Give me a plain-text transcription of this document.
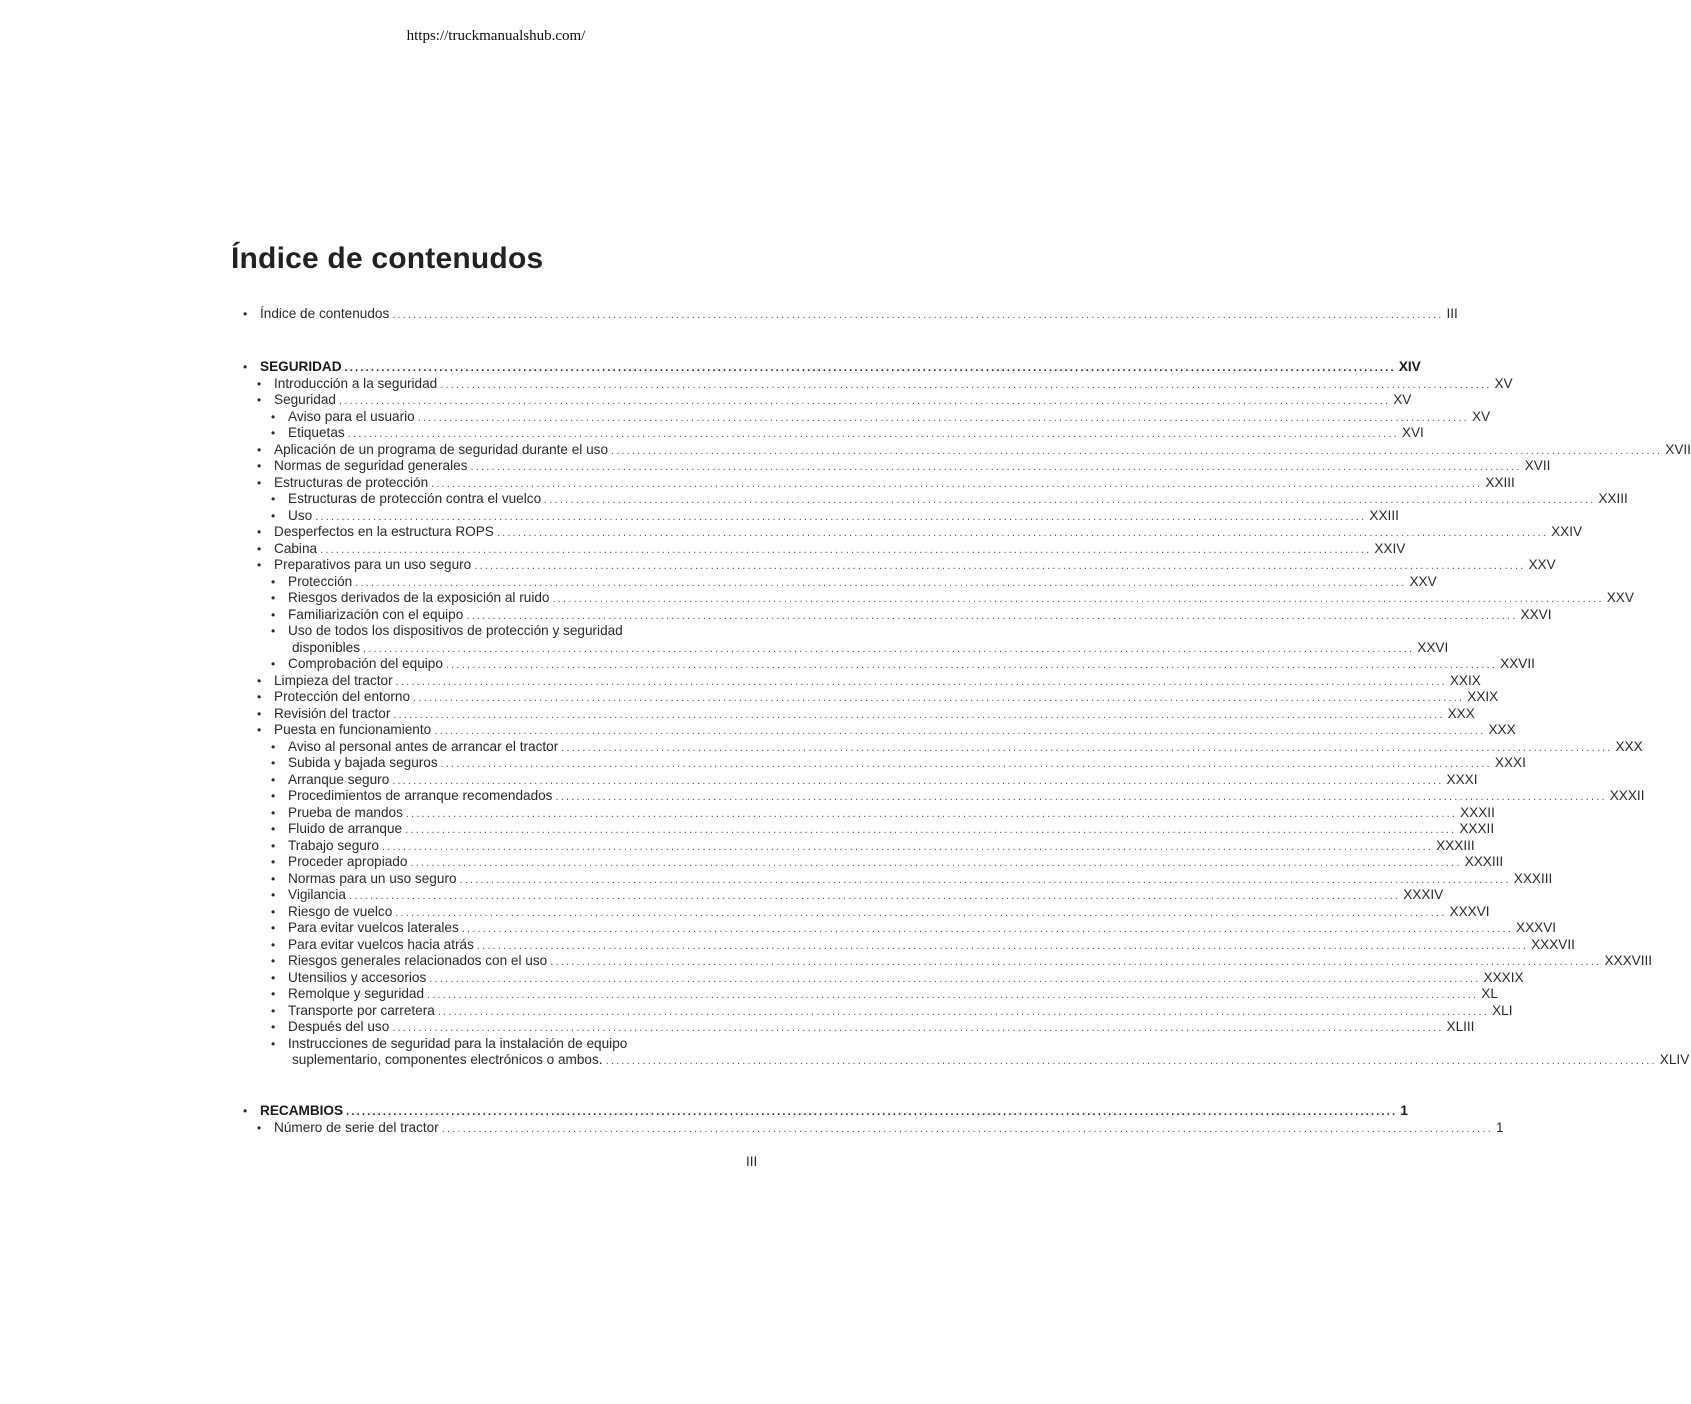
https://truckmanualshub.com/
Índice de contenudos
• Índice de contenudos ........................................................................................................................................................................................................ III
• SEGURIDAD ........................................................................................................................................................................................................ XIV
• Introducción a la seguridad ........................................................................................................................................................................................................ XV
• Seguridad ........................................................................................................................................................................................................ XV
• Aviso para el usuario ........................................................................................................................................................................................................ XV
• Etiquetas ........................................................................................................................................................................................................ XVI
• Aplicación de un programa de seguridad durante el uso ........................................................................................................................................................................................................ XVII
• Normas de seguridad generales ........................................................................................................................................................................................................ XVII
• Estructuras de protección ........................................................................................................................................................................................................ XXIII
• Estructuras de protección contra el vuelco ........................................................................................................................................................................................................ XXIII
• Uso ........................................................................................................................................................................................................ XXIII
• Desperfectos en la estructura ROPS ........................................................................................................................................................................................................ XXIV
• Cabina ........................................................................................................................................................................................................ XXIV
• Preparativos para un uso seguro ........................................................................................................................................................................................................ XXV
• Protección ........................................................................................................................................................................................................ XXV
• Riesgos derivados de la exposición al ruido ........................................................................................................................................................................................................ XXV
• Familiarización con el equipo ........................................................................................................................................................................................................ XXVI
• Uso de todos los dispositivos de protección y seguridad
disponibles ........................................................................................................................................................................................................ XXVI
• Comprobación del equipo ........................................................................................................................................................................................................ XXVII
• Limpieza del tractor ........................................................................................................................................................................................................ XXIX
• Protección del entorno ........................................................................................................................................................................................................ XXIX
• Revisión del tractor ........................................................................................................................................................................................................ XXX
• Puesta en funcionamiento ........................................................................................................................................................................................................ XXX
• Aviso al personal antes de arrancar el tractor ........................................................................................................................................................................................................ XXX
• Subida y bajada seguros ........................................................................................................................................................................................................ XXXI
• Arranque seguro ........................................................................................................................................................................................................ XXXI
• Procedimientos de arranque recomendados ........................................................................................................................................................................................................ XXXII
• Prueba de mandos ........................................................................................................................................................................................................ XXXII
• Fluido de arranque ........................................................................................................................................................................................................ XXXII
• Trabajo seguro ........................................................................................................................................................................................................ XXXIII
• Proceder apropiado ........................................................................................................................................................................................................ XXXIII
• Normas para un uso seguro ........................................................................................................................................................................................................ XXXIII
• Vigilancia ........................................................................................................................................................................................................ XXXIV
• Riesgo de vuelco ........................................................................................................................................................................................................ XXXVI
• Para evitar vuelcos laterales ........................................................................................................................................................................................................ XXXVI
• Para evitar vuelcos hacia atrás ........................................................................................................................................................................................................ XXXVII
• Riesgos generales relacionados con el uso ........................................................................................................................................................................................................ XXXVIII
• Utensilios y accesorios ........................................................................................................................................................................................................ XXXIX
• Remolque y seguridad ........................................................................................................................................................................................................ XL
• Transporte por carretera ........................................................................................................................................................................................................ XLI
• Después del uso ........................................................................................................................................................................................................ XLIII
• Instrucciones de seguridad para la instalación de equipo
suplementario, componentes electrónicos o ambos. ........................................................................................................................................................................................................ XLIV
• RECAMBIOS ........................................................................................................................................................................................................ 1
• Número de serie del tractor ........................................................................................................................................................................................................ 1
III
